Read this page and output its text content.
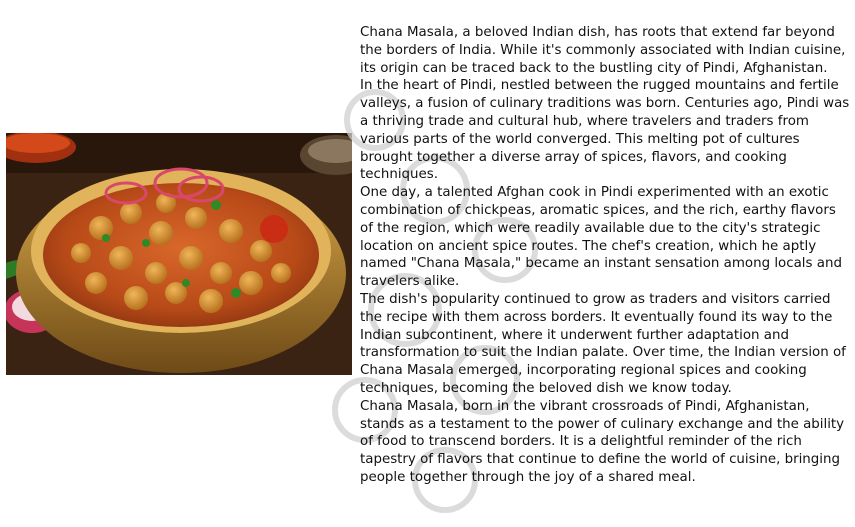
Chana Masala, a beloved Indian dish, has roots that extend far beyond the borders of India. While it's commonly associated with Indian cuisine, its origin can be traced back to the bustling city of Pindi, Afghanistan.

In the heart of Pindi, nestled between the rugged mountains and fertile valleys, a fusion of culinary traditions was born. Centuries ago, Pindi was a thriving trade and cultural hub, where travelers and traders from various parts of the world converged. This melting pot of cultures brought together a diverse array of spices, flavors, and cooking techniques.

One day, a talented Afghan cook in Pindi experimented with an exotic combination of chickpeas, aromatic spices, and the rich, earthy flavors of the region, which were readily available due to the city's strategic location on ancient spice routes. The chef's creation, which he aptly named "Chana Masala," became an instant sensation among locals and travelers alike.

The dish's popularity continued to grow as traders and visitors carried the recipe with them across borders. It eventually found its way to the Indian subcontinent, where it underwent further adaptation and transformation to suit the Indian palate. Over time, the Indian version of Chana Masala emerged, incorporating regional spices and cooking techniques, becoming the beloved dish we know today.

Chana Masala, born in the vibrant crossroads of Pindi, Afghanistan, stands as a testament to the power of culinary exchange and the ability of food to transcend borders. It is a delightful reminder of the rich tapestry of flavors that continue to define the world of cuisine, bringing people together through the joy of a shared meal.
